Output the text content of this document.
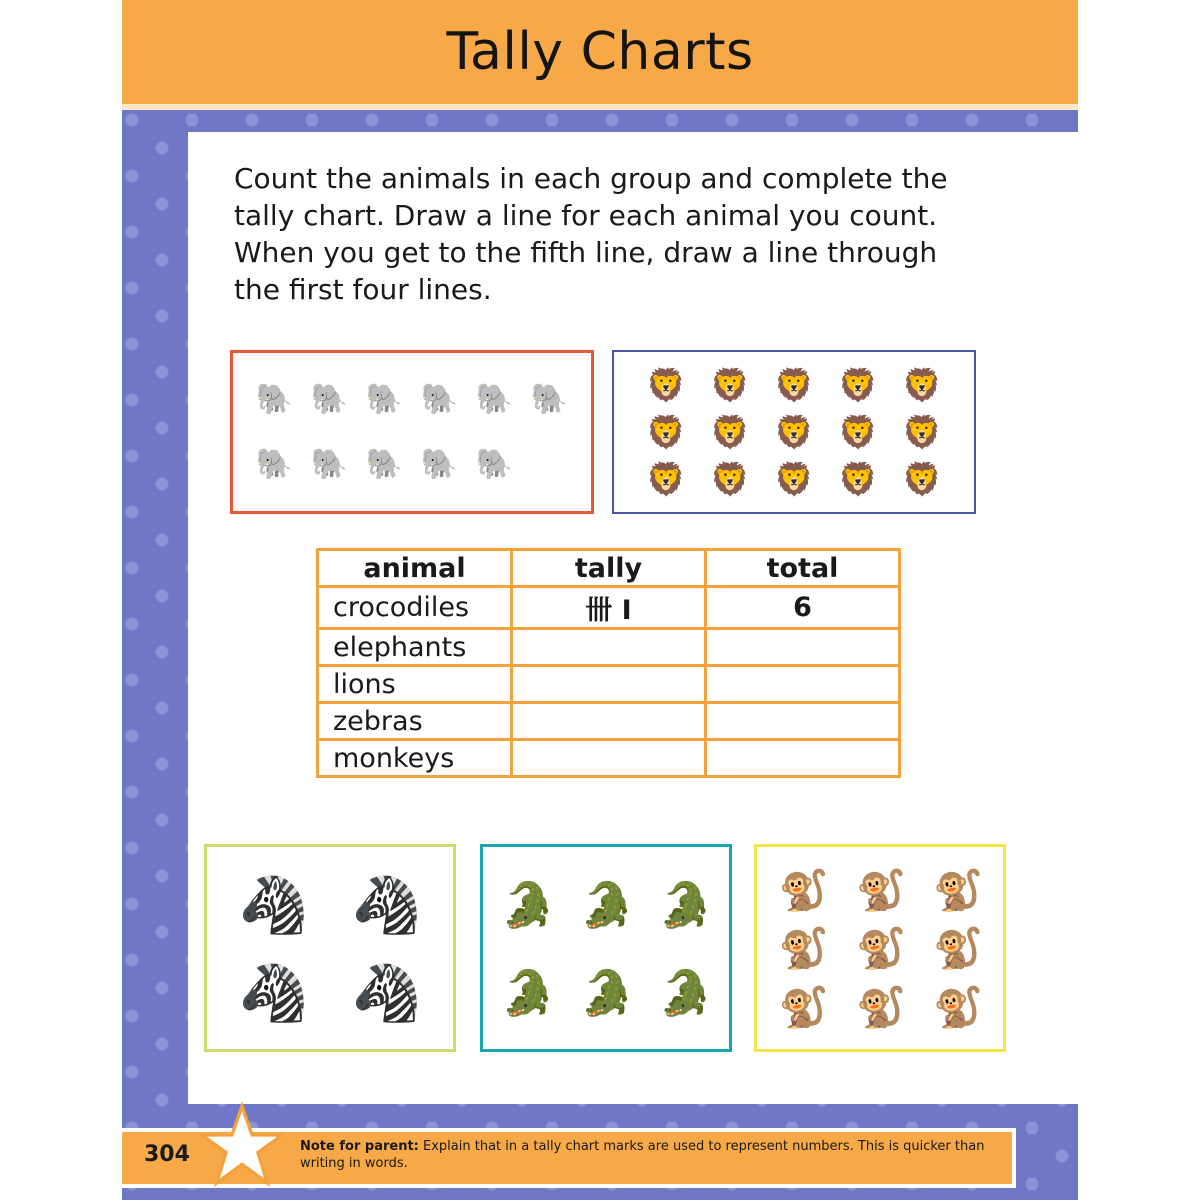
Tally Charts
Count the animals in each group and complete the tally chart. Draw a line for each animal you count. When you get to the fifth line, draw a line through the first four lines.
🐘 🐘 🐘 🐘 🐘 🐘
🐘 🐘 🐘 🐘 🐘
🦁 🦁 🦁 🦁 🦁
🦁 🦁 🦁 🦁 🦁
🦁 🦁 🦁 🦁 🦁
animal	tally	total
crocodiles	卌 I	6
elephants		
lions		
zebras		
monkeys		
🦓 🦓
🦓 🦓
🐊 🐊 🐊
🐊 🐊 🐊
🐒 🐒 🐒
🐒 🐒 🐒
🐒 🐒 🐒
304	Note for parent: Explain that in a tally chart marks are used to represent numbers. This is quicker than writing in words.
